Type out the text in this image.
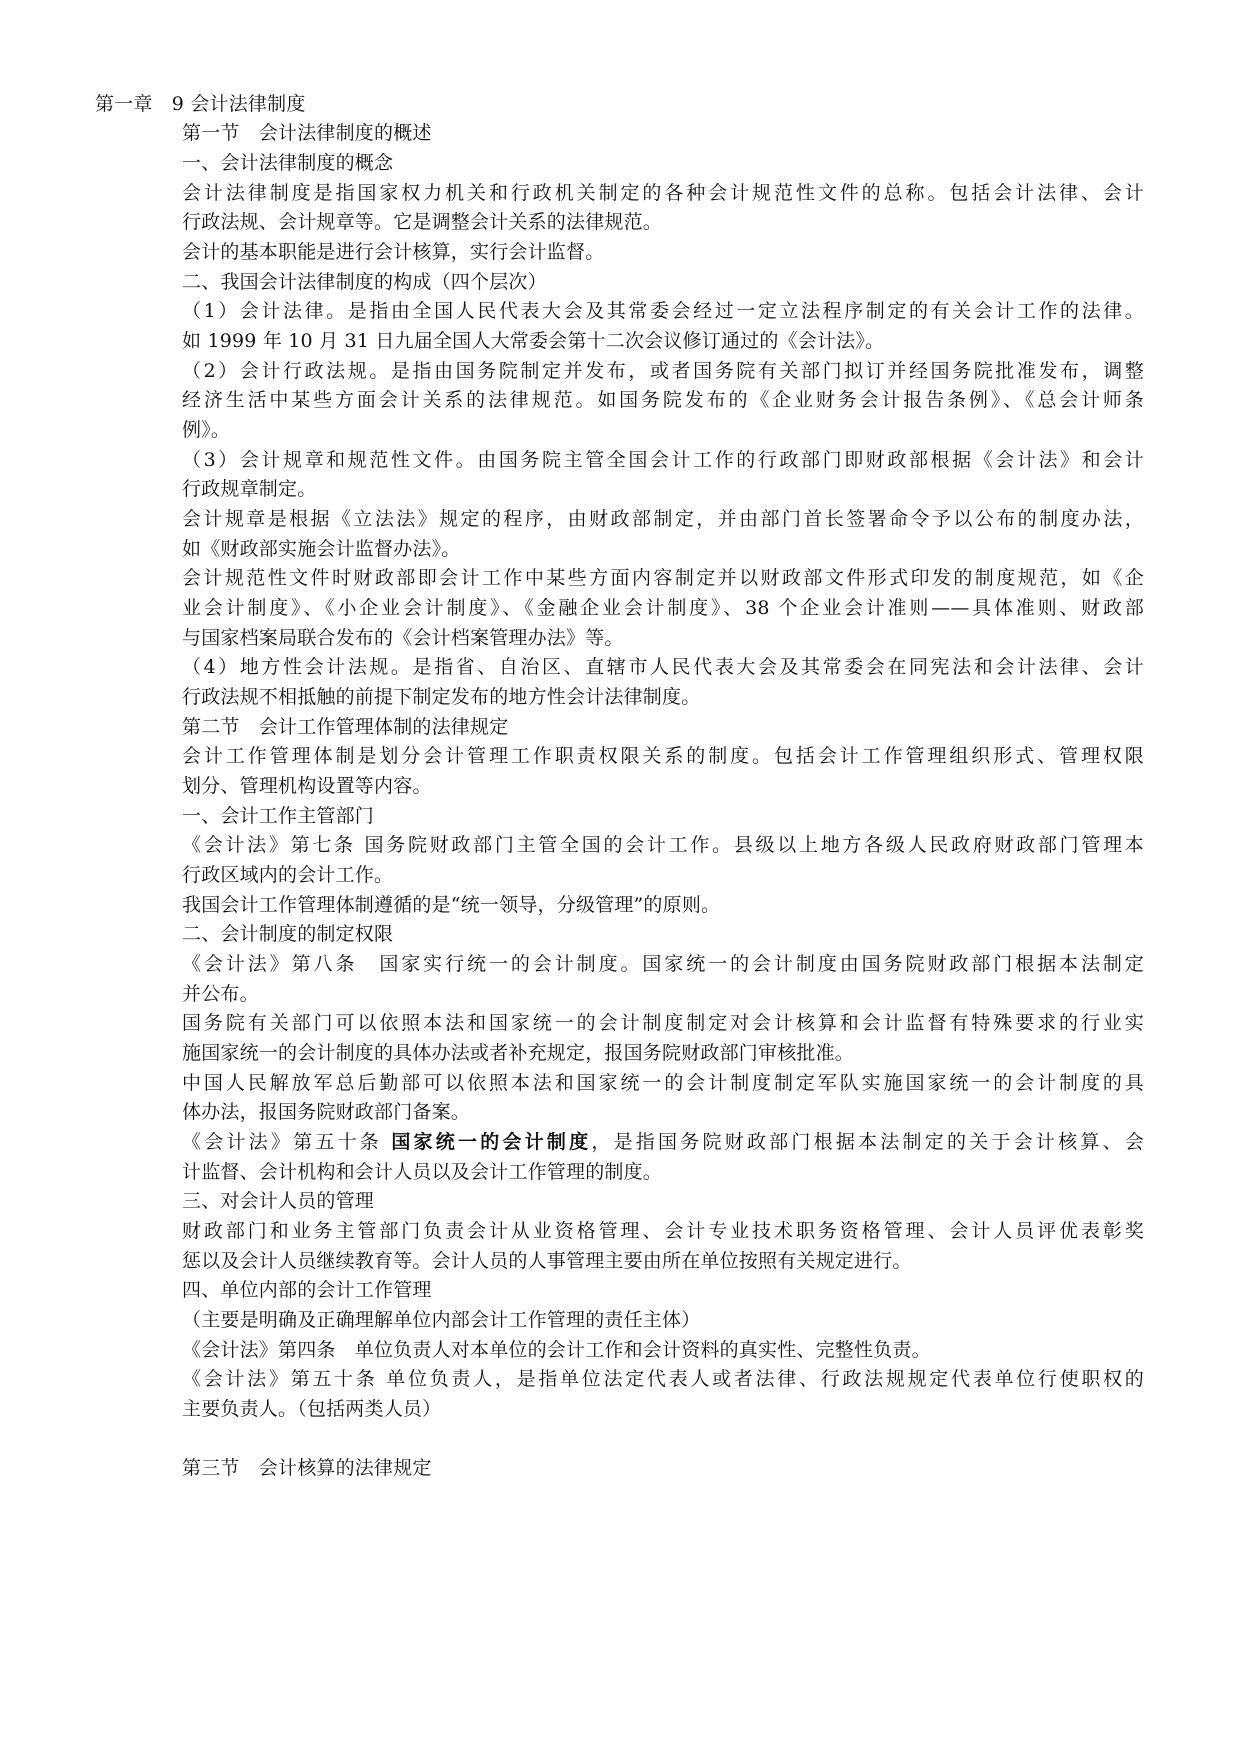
第一章　9 会计法律制度
第一节　会计法律制度的概述
一、会计法律制度的概念
会计法律制度是指国家权力机关和行政机关制定的各种会计规范性文件的总称。包括会计法律、会计
行政法规、会计规章等。它是调整会计关系的法律规范。
会计的基本职能是进行会计核算，实行会计监督。
二、我国会计法律制度的构成（四个层次）
（1）会计法律。是指由全国人民代表大会及其常委会经过一定立法程序制定的有关会计工作的法律。
如 1999 年 10 月 31 日九届全国人大常委会第十二次会议修订通过的《会计法》。
（2）会计行政法规。是指由国务院制定并发布，或者国务院有关部门拟订并经国务院批准发布，调整
经济生活中某些方面会计关系的法律规范。如国务院发布的《企业财务会计报告条例》、《总会计师条
例》。
（3）会计规章和规范性文件。由国务院主管全国会计工作的行政部门即财政部根据《会计法》和会计
行政规章制定。
会计规章是根据《立法法》规定的程序，由财政部制定，并由部门首长签署命令予以公布的制度办法，
如《财政部实施会计监督办法》。
会计规范性文件时财政部即会计工作中某些方面内容制定并以财政部文件形式印发的制度规范，如《企
业会计制度》、《小企业会计制度》、《金融企业会计制度》、38 个企业会计准则——具体准则、财政部
与国家档案局联合发布的《会计档案管理办法》等。
（4）地方性会计法规。是指省、自治区、直辖市人民代表大会及其常委会在同宪法和会计法律、会计
行政法规不相抵触的前提下制定发布的地方性会计法律制度。
第二节　会计工作管理体制的法律规定
会计工作管理体制是划分会计管理工作职责权限关系的制度。包括会计工作管理组织形式、管理权限
划分、管理机构设置等内容。
一、会计工作主管部门
《会计法》第七条 国务院财政部门主管全国的会计工作。县级以上地方各级人民政府财政部门管理本
行政区域内的会计工作。
我国会计工作管理体制遵循的是“统一领导，分级管理”的原则。
二、会计制度的制定权限
《会计法》第八条　国家实行统一的会计制度。国家统一的会计制度由国务院财政部门根据本法制定
并公布。
国务院有关部门可以依照本法和国家统一的会计制度制定对会计核算和会计监督有特殊要求的行业实
施国家统一的会计制度的具体办法或者补充规定，报国务院财政部门审核批准。
中国人民解放军总后勤部可以依照本法和国家统一的会计制度制定军队实施国家统一的会计制度的具
体办法，报国务院财政部门备案。
《会计法》第五十条 国家统一的会计制度，是指国务院财政部门根据本法制定的关于会计核算、会
计监督、会计机构和会计人员以及会计工作管理的制度。
三、对会计人员的管理
财政部门和业务主管部门负责会计从业资格管理、会计专业技术职务资格管理、会计人员评优表彰奖
惩以及会计人员继续教育等。会计人员的人事管理主要由所在单位按照有关规定进行。
四、单位内部的会计工作管理
（主要是明确及正确理解单位内部会计工作管理的责任主体）
《会计法》第四条　单位负责人对本单位的会计工作和会计资料的真实性、完整性负责。
《会计法》第五十条 单位负责人，是指单位法定代表人或者法律、行政法规规定代表单位行使职权的
主要负责人。（包括两类人员）
第三节　会计核算的法律规定
